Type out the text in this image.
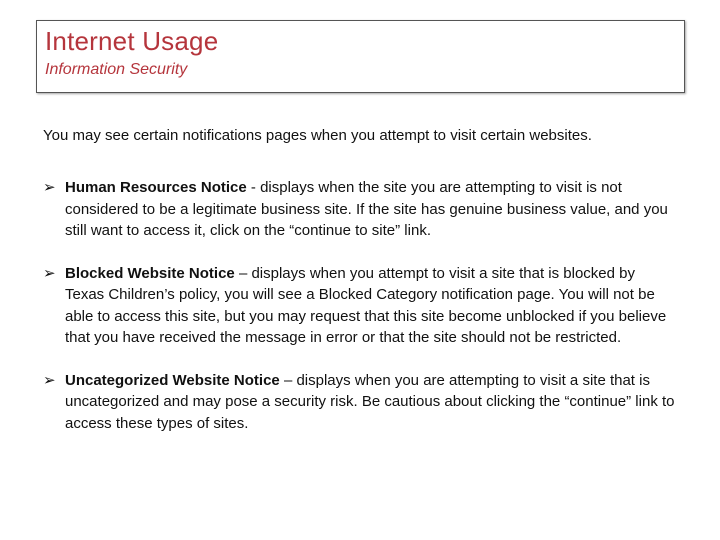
Internet Usage
Information Security
You may see certain notifications pages when you attempt to visit certain websites.
➢ Human Resources Notice - displays when the site you are attempting to visit is not considered to be a legitimate business site. If the site has genuine business value, and you still want to access it, click on the “continue to site” link.
➢ Blocked Website Notice – displays when you attempt to visit a site that is blocked by Texas Children’s policy, you will see a Blocked Category notification page. You will not be able to access this site, but you may request that this site become unblocked if you believe that you have received the message in error or that the site should not be restricted.
➢ Uncategorized Website Notice – displays when you are attempting to visit a site that is uncategorized and may pose a security risk. Be cautious about clicking the “continue” link to access these types of sites.
